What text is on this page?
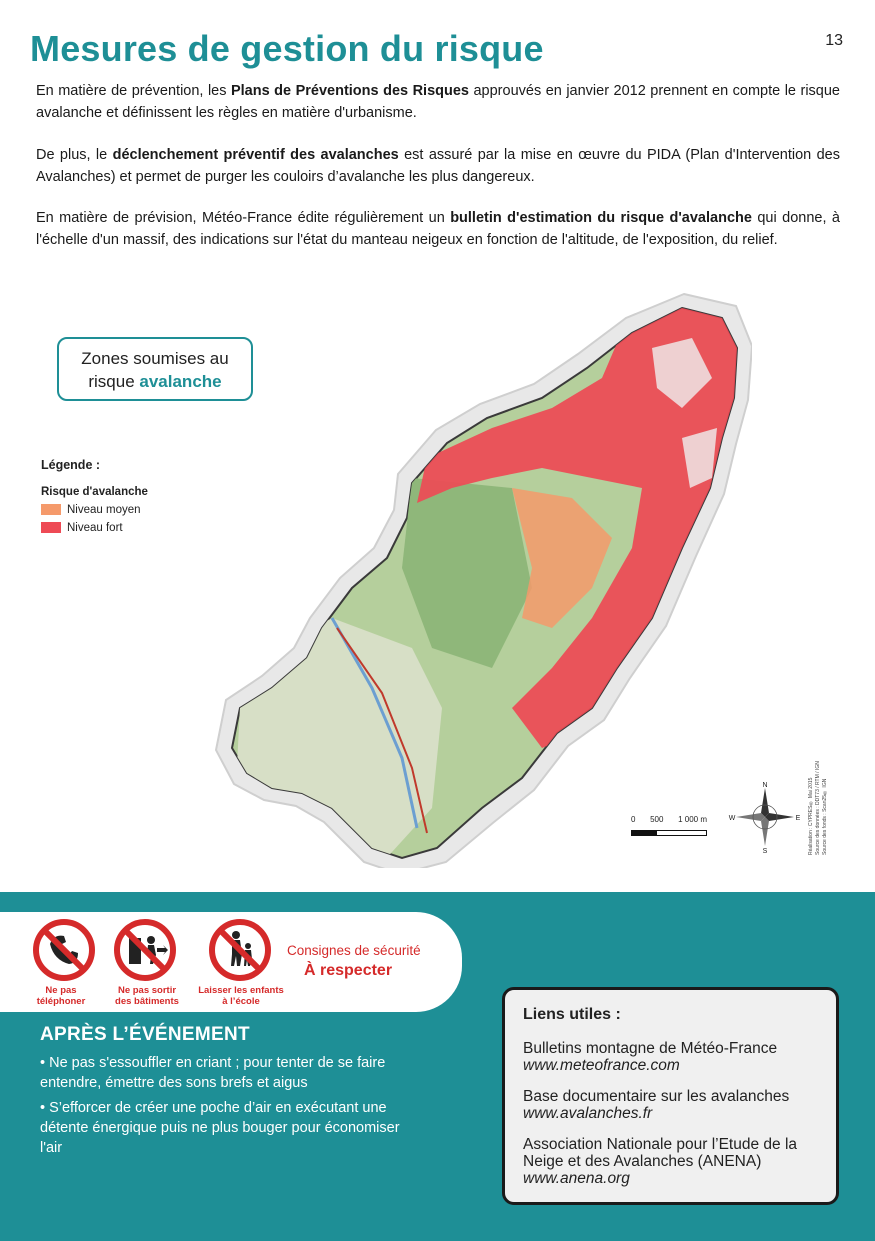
13
Mesures de gestion du risque

En matière de prévention, les Plans de Préventions des Risques approuvés en janvier 2012 prennent en compte le risque avalanche et définissent les règles en matière d'urbanisme.

De plus, le déclenchement préventif des avalanches est assuré par la mise en œuvre du PIDA (Plan d'Intervention des Avalanches) et permet de purger les couloirs d’avalanche les plus dangereux.

En matière de prévision, Météo-France édite régulièrement un bulletin d'estimation du risque d'avalanche qui donne, à l'échelle d'un massif, des indications sur l'état du manteau neigeux en fonction de l'altitude, de l'exposition, du relief.

Zones soumises au
risque avalanche
Légende :
Risque d'avalanche
Niveau moyen
Niveau fort
0 500 1 000 m
N
S
E
W	Réalisation : CYPRES® Mai 2015 Source des données : DDT73 / RTM / IGN Source des fonds : Scan25® IGN
Ne pas
téléphoner
Ne pas sortir
des bâtiments
Laisser les enfants
à l’école
Consignes de sécurité
À respecter
APRÈS L’ÉVÉNEMENT
• Ne pas s'essouffler en criant ; pour tenter de se faire entendre, émettre des sons brefs et aigus
• S’efforcer de créer une poche d’air en exécutant une détente énergique puis ne plus bouger pour économiser l'air
Liens utiles :
Bulletins montagne de Météo-France
www.meteofrance.com
Base documentaire sur les avalanches
www.avalanches.fr
Association Nationale pour l’Etude de la Neige et des Avalanches (ANENA)
www.anena.org
